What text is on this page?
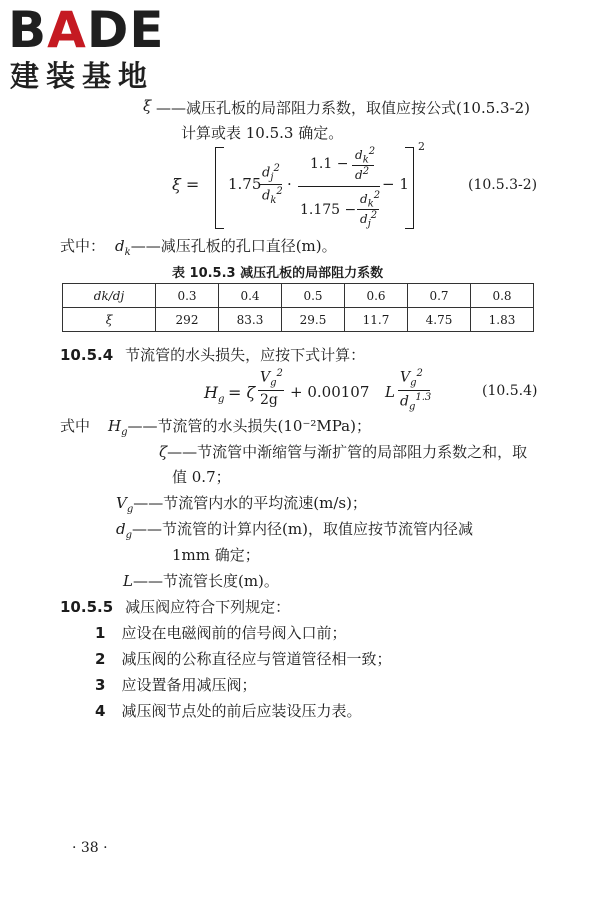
BADE
建装基地
ξ ——减压孔板的局部阻力系数，取值应按公式(10.5.3-2)
计算或表 10.5.3 确定。
ξ = 1.75
$d_j^2$
$d_k^2$ ·
1.1 −
$d_k^2$
$d^2$
1.175 −
$d_k^2$
$d_j^2$
− 1
2
(10.5.3-2)
式中： $d_k——$减压孔板的孔口直径(m)。
表 10.5.3 减压孔板的局部阻力系数
dk/dj	0.3	0.4	0.5	0.6	0.7	0.8
ξ	292	83.3	29.5	11.7	4.75	1.83
10.5.4 节流管的水头损失，应按下式计算：
$H_g = \zeta$
$V_g^2$
2g + 0.00107 L
$V_g^2$
$d_g^{1.3}$	(10.5.4)
式中 $H_g——$节流管的水头损失(10⁻²MPa)；
ζ——节流管中渐缩管与渐扩管的局部阻力系数之和，取
值 0.7；
$V_g——$节流管内水的平均流速(m/s)；
$d_g——$节流管的计算内径(m)，取值应按节流管内径减
1mm 确定；
L——节流管长度(m)。
10.5.5 减压阀应符合下列规定：
1 应设在电磁阀前的信号阀入口前；
2 减压阀的公称直径应与管道管径相一致；
3 应设置备用减压阀；
4 减压阀节点处的前后应装设压力表。
· 38 ·
